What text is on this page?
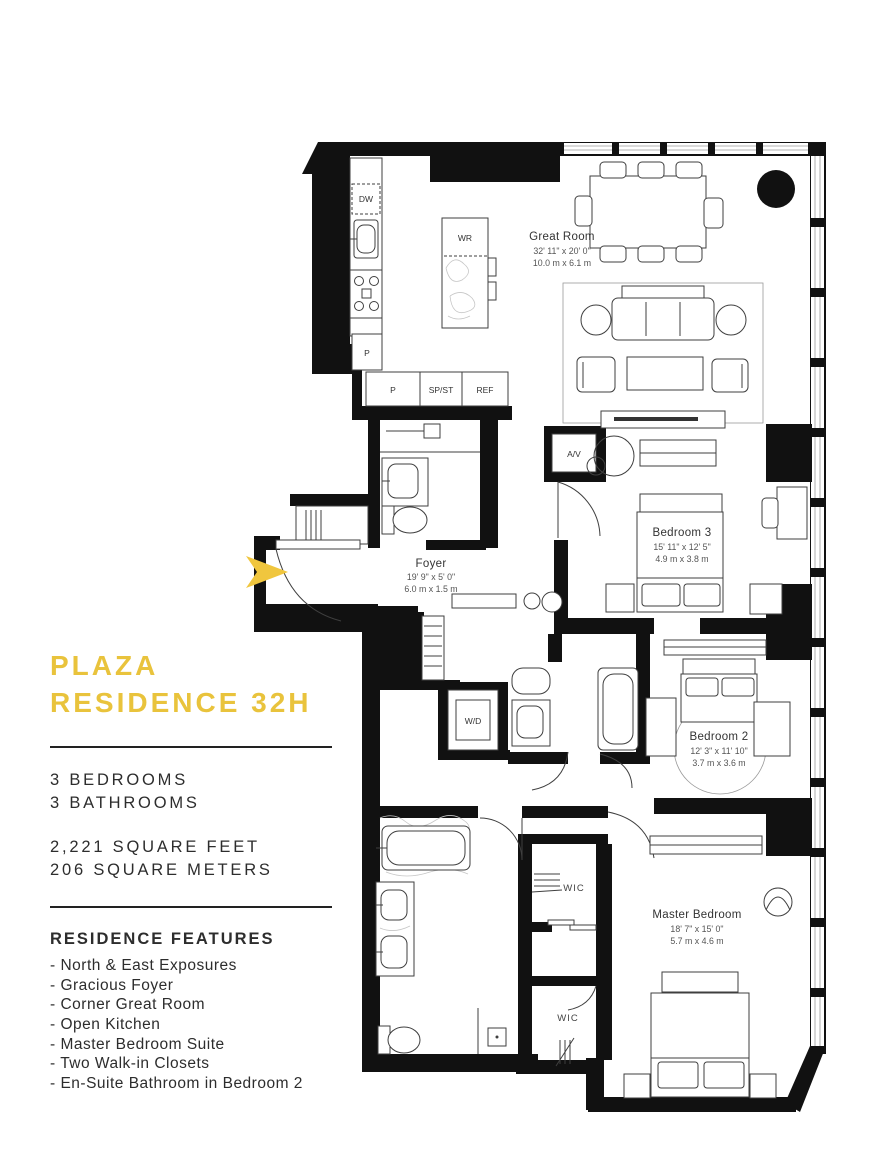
DW
WR
P
P	SP/ST	REF
Great Room
32' 11" x 20' 0"
10.0 m x 6.1 m
Foyer
19' 9" x 5' 0"
6.0 m x 1.5 m
A/V
Bedroom 3
15' 11" x 12' 5"
4.9 m x 3.8 m
W/D
Bedroom 2
12' 3" x 11' 10"
3.7 m x 3.6 m
WIC
WIC
Master Bedroom
18' 7" x 15' 0"
5.7 m x 4.6 m
PLAZA
RESIDENCE 32H
3 BEDROOMS
3 BATHROOMS
2,221 SQUARE FEET
206 SQUARE METERS
RESIDENCE FEATURES
- North & East Exposures
- Gracious Foyer
- Corner Great Room
- Open Kitchen
- Master Bedroom Suite
- Two Walk-in Closets
- En-Suite Bathroom in Bedroom 2
